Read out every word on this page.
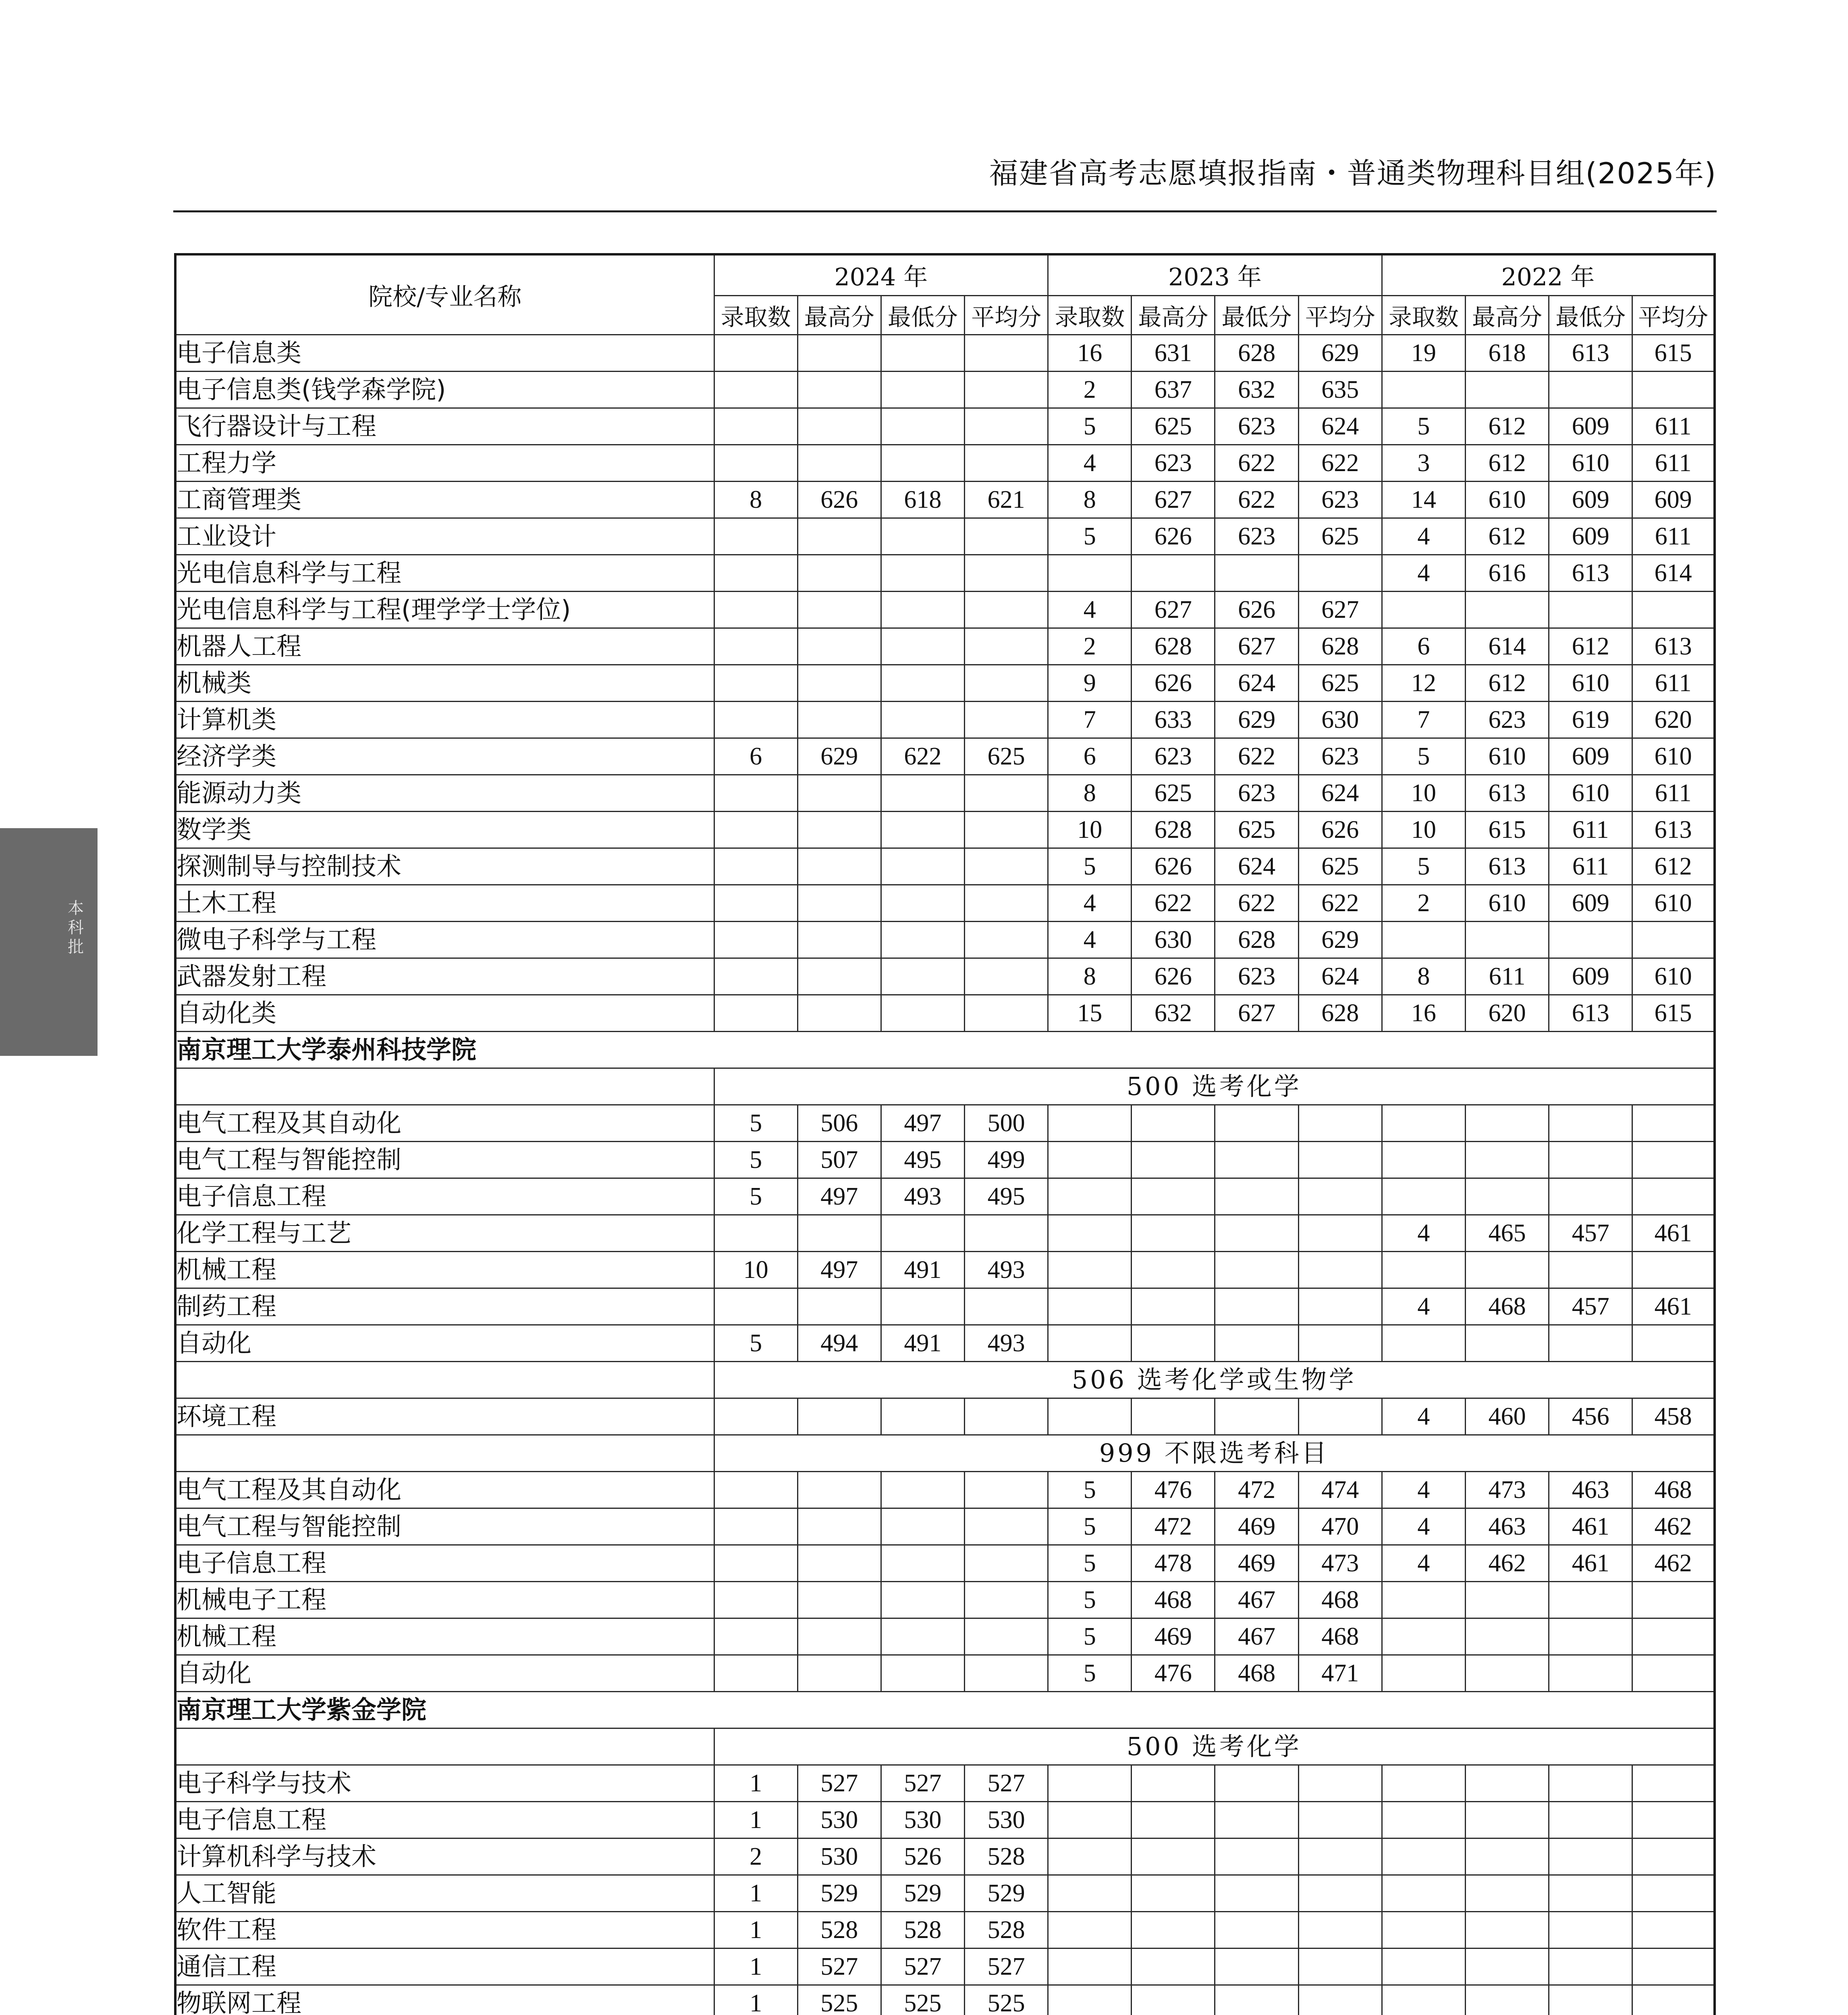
福建省高考志愿填报指南・普通类物理科目组(2025年)
本科批
院校/专业名称	2024 年				2023 年				2022 年			
	录取数	最高分	最低分	平均分	录取数	最高分	最低分	平均分	录取数	最高分	最低分	平均分
电子信息类					16	631	628	629	19	618	613	615
电子信息类(钱学森学院)					2	637	632	635				
飞行器设计与工程					5	625	623	624	5	612	609	611
工程力学					4	623	622	622	3	612	610	611
工商管理类	8	626	618	621	8	627	622	623	14	610	609	609
工业设计					5	626	623	625	4	612	609	611
光电信息科学与工程									4	616	613	614
光电信息科学与工程(理学学士学位)					4	627	626	627				
机器人工程					2	628	627	628	6	614	612	613
机械类					9	626	624	625	12	612	610	611
计算机类					7	633	629	630	7	623	619	620
经济学类	6	629	622	625	6	623	622	623	5	610	609	610
能源动力类					8	625	623	624	10	613	610	611
数学类					10	628	625	626	10	615	611	613
探测制导与控制技术					5	626	624	625	5	613	611	612
土木工程					4	622	622	622	2	610	609	610
微电子科学与工程					4	630	628	629				
武器发射工程					8	626	623	624	8	611	609	610
自动化类					15	632	627	628	16	620	613	615
南京理工大学泰州科技学院												
	500 选考化学											
电气工程及其自动化	5	506	497	500								
电气工程与智能控制	5	507	495	499								
电子信息工程	5	497	493	495								
化学工程与工艺									4	465	457	461
机械工程	10	497	491	493								
制药工程									4	468	457	461
自动化	5	494	491	493								
	506 选考化学或生物学											
环境工程									4	460	456	458
	999 不限选考科目											
电气工程及其自动化					5	476	472	474	4	473	463	468
电气工程与智能控制					5	472	469	470	4	463	461	462
电子信息工程					5	478	469	473	4	462	461	462
机械电子工程					5	468	467	468				
机械工程					5	469	467	468				
自动化					5	476	468	471				
南京理工大学紫金学院												
	500 选考化学											
电子科学与技术	1	527	527	527								
电子信息工程	1	530	530	530								
计算机科学与技术	2	530	526	528								
人工智能	1	529	529	529								
软件工程	1	528	528	528								
通信工程	1	527	527	527								
物联网工程	1	525	525	525								
